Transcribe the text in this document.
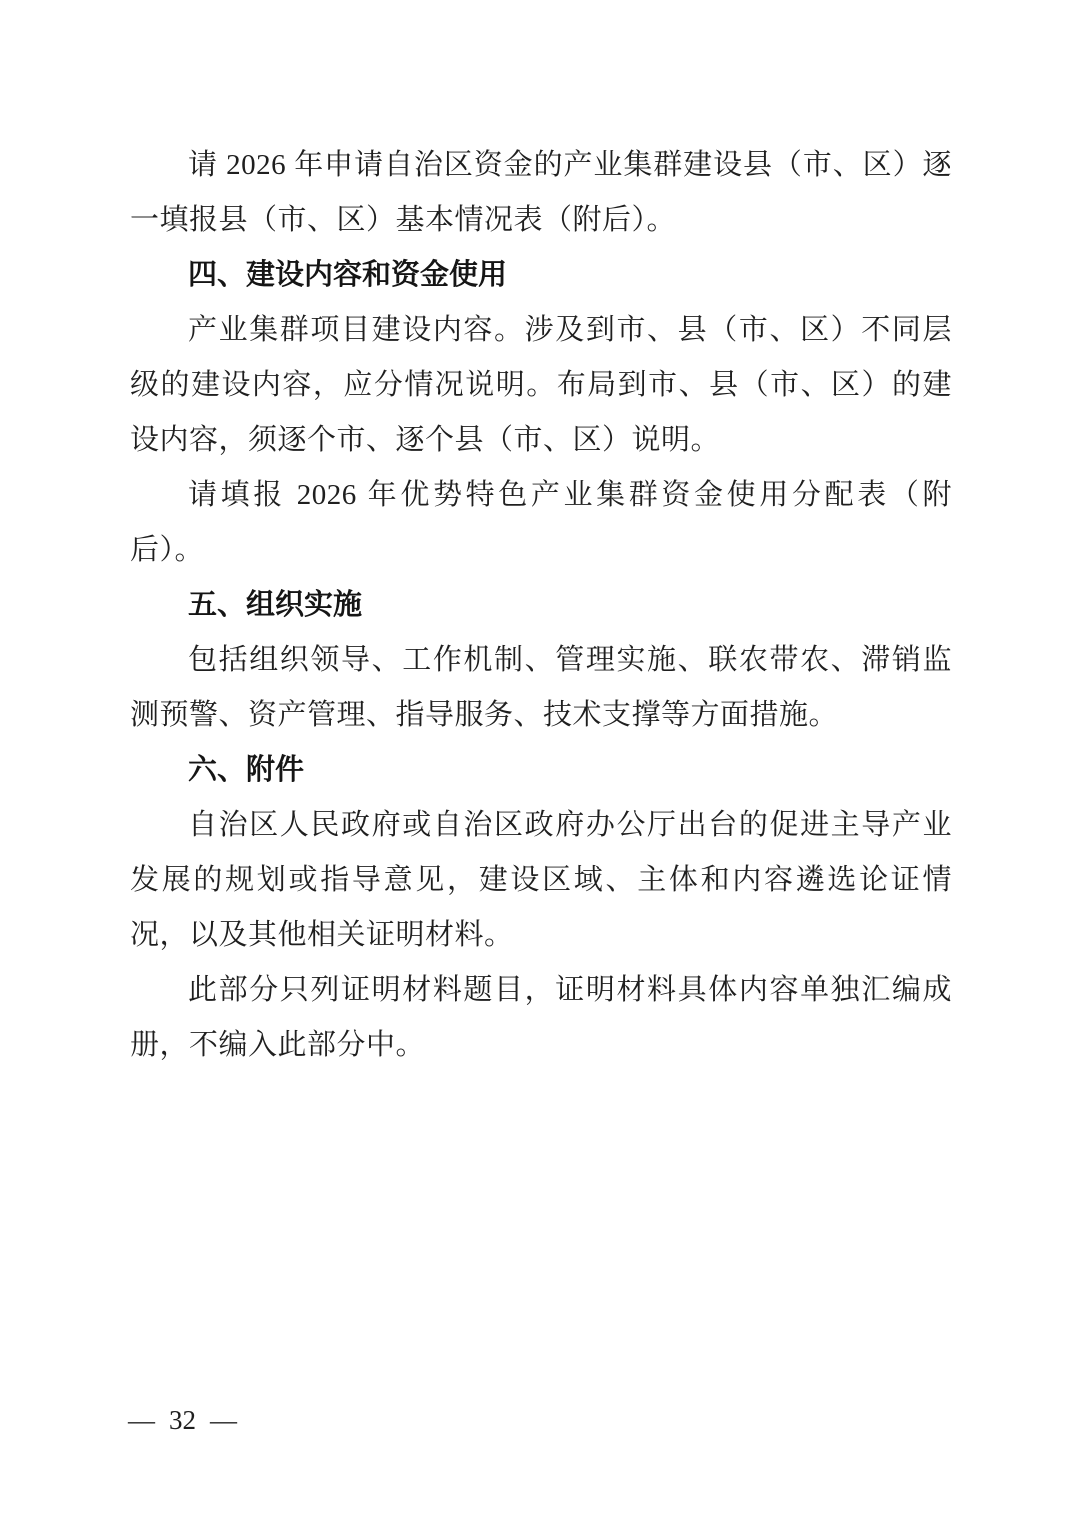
请 2026 年申请自治区资金的产业集群建设县（市、区）逐一填报县（市、区）基本情况表（附后）。

四、建设内容和资金使用

产业集群项目建设内容。涉及到市、县（市、区）不同层级的建设内容，应分情况说明。布局到市、县（市、区）的建设内容，须逐个市、逐个县（市、区）说明。

请填报 2026 年优势特色产业集群资金使用分配表（附后）。

五、组织实施

包括组织领导、工作机制、管理实施、联农带农、滞销监测预警、资产管理、指导服务、技术支撑等方面措施。

六、附件

自治区人民政府或自治区政府办公厅出台的促进主导产业发展的规划或指导意见，建设区域、主体和内容遴选论证情况，以及其他相关证明材料。

此部分只列证明材料题目，证明材料具体内容单独汇编成册，不编入此部分中。

— 32 —
